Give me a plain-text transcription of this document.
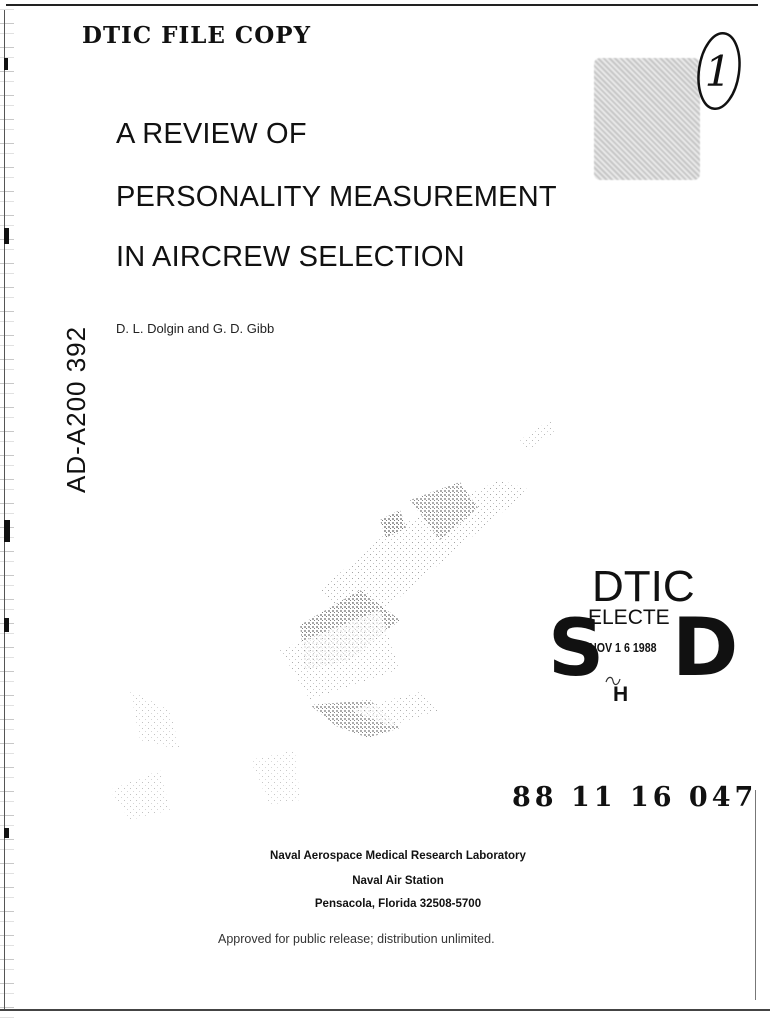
DTIC FILE COPY
1
A REVIEW OF
PERSONALITY MEASUREMENT
IN AIRCREW SELECTION
D. L. Dolgin and G. D. Gibb
AD-A200 392
DTIC
S
ELECTE
NOV 1 6 1988 D
H
88 11 16 047
Naval Aerospace Medical Research Laboratory
Naval Air Station
Pensacola, Florida 32508-5700
Approved for public release; distribution unlimited.
